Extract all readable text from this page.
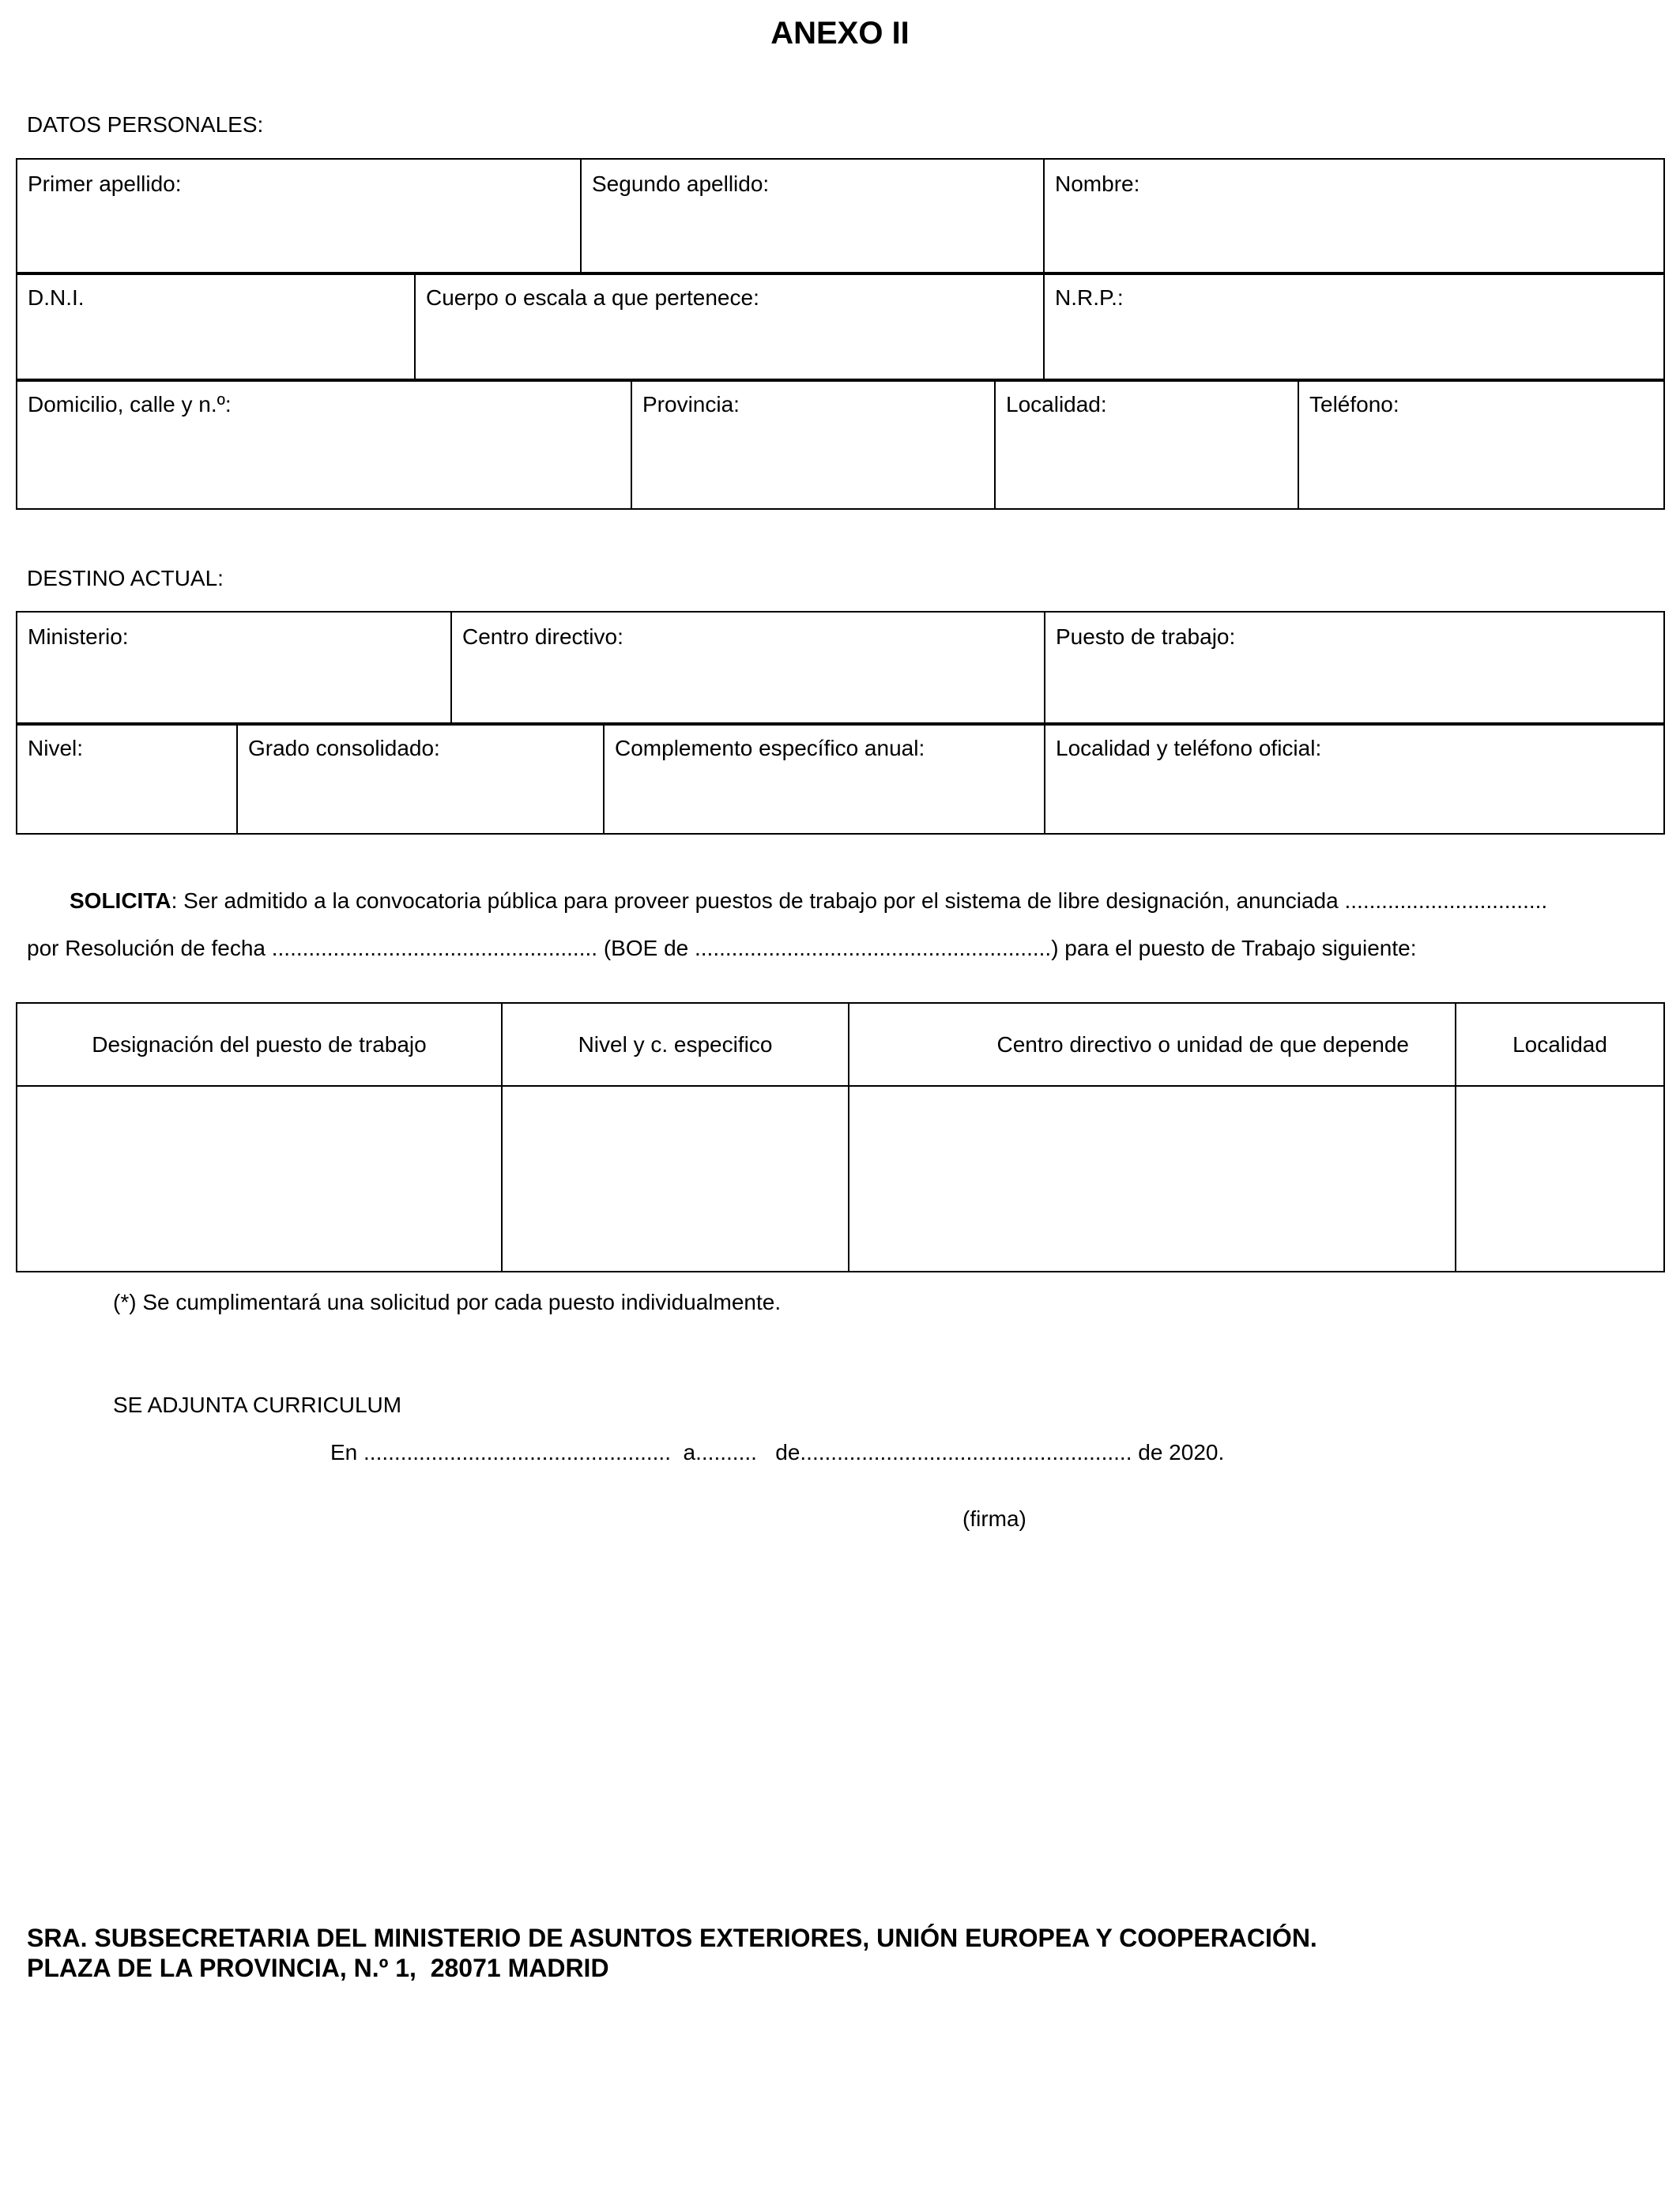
ANEXO II
DATOS PERSONALES:
Primer apellido:	Segundo apellido:	Nombre:
D.N.I.	Cuerpo o escala a que pertenece:	N.R.P.:
Domicilio, calle y n.º:	Provincia:	Localidad:	Teléfono:
DESTINO ACTUAL:
Ministerio:	Centro directivo:	Puesto de trabajo:
Nivel:	Grado consolidado:	Complemento específico anual:	Localidad y teléfono oficial:
SOLICITA: Ser admitido a la convocatoria pública para proveer puestos de trabajo por el sistema de libre designación, anunciada .................................
por Resolución de fecha ..................................................... (BOE de ..........................................................) para el puesto de Trabajo siguiente:
Designación del puesto de trabajo	Nivel y c. especifico	Centro directivo o unidad de que depende	Localidad

(*) Se cumplimentará una solicitud por cada puesto individualmente.
SE ADJUNTA CURRICULUM
En ..................................................  a..........   de...................................................... de 2020.
(firma)
SRA. SUBSECRETARIA DEL MINISTERIO DE ASUNTOS EXTERIORES, UNIÓN EUROPEA Y COOPERACIÓN.
PLAZA DE LA PROVINCIA, N.º 1,  28071 MADRID
